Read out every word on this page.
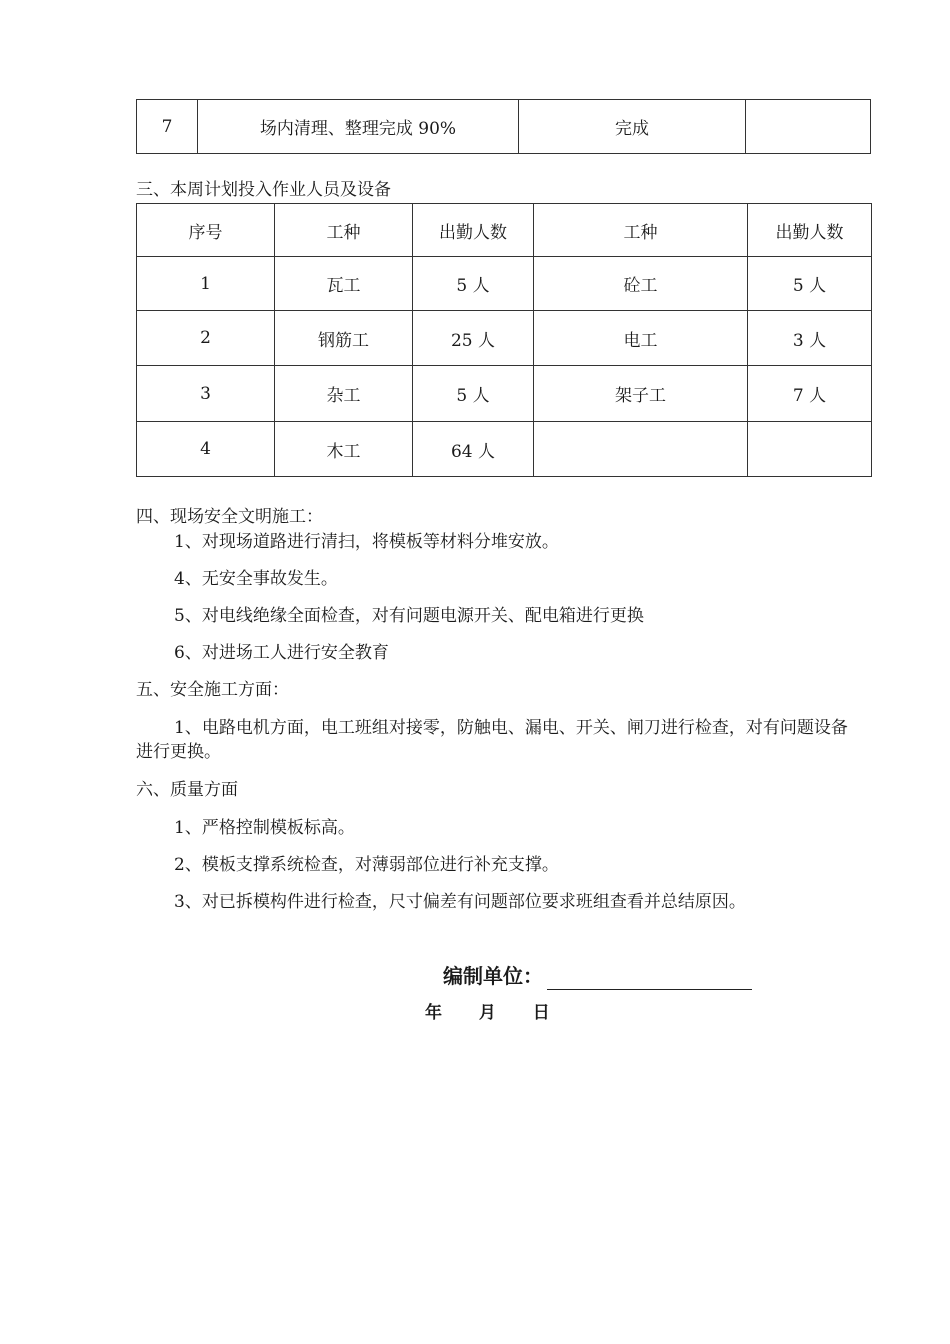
7	场内清理、整理完成 90%	完成	
三、本周计划投入作业人员及设备
序号	工种	出勤人数	工种	出勤人数
1	瓦工	5 人	砼工	5 人
2	钢筋工	25 人	电工	3 人
3	杂工	5 人	架子工	7 人
4	木工	64 人		
四、现场安全文明施工：
1、对现场道路进行清扫，将模板等材料分堆安放。
4、无安全事故发生。
5、对电线绝缘全面检查，对有问题电源开关、配电箱进行更换
6、对进场工人进行安全教育
五、安全施工方面：
1、电路电机方面，电工班组对接零，防触电、漏电、开关、闸刀进行检查，对有问题设备进行更换。
六、质量方面
1、严格控制模板标高。
2、模板支撑系统检查，对薄弱部位进行补充支撑。
3、对已拆模构件进行检查，尺寸偏差有问题部位要求班组查看并总结原因。
编制单位：
年 月 日
